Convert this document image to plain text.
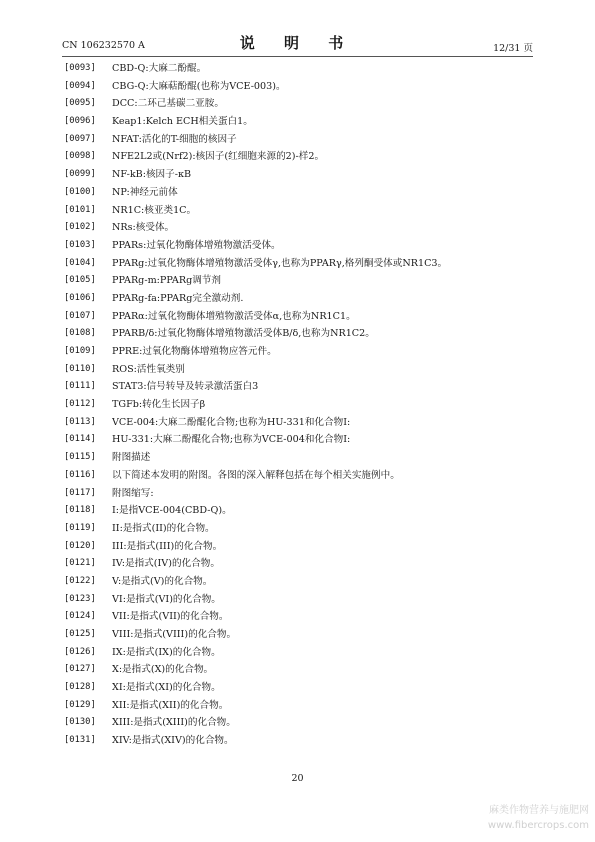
CN 106232570 A	说 明 书	12/31 页
[0093]	CBD-Q:大麻二酚醌。
[0094]	CBG-Q:大麻萜酚醌(也称为VCE-003)。
[0095]	DCC:二环己基碳二亚胺。
[0096]	Keap1:Kelch ECH相关蛋白1。
[0097]	NFAT:活化的T-细胞的核因子
[0098]	NFE2L2或(Nrf2):核因子(红细胞来源的2)-样2。
[0099]	NF-kB:核因子-κB
[0100]	NP:神经元前体
[0101]	NR1C:核亚类1C。
[0102]	NRs:核受体。
[0103]	PPARs:过氧化物酶体增殖物激活受体。
[0104]	PPARg:过氧化物酶体增殖物激活受体γ,也称为PPARγ,格列酮受体或NR1C3。
[0105]	PPARg-m:PPARg调节剂
[0106]	PPARg-fa:PPARg完全激动剂.
[0107]	PPARα:过氧化物酶体增殖物激活受体α,也称为NR1C1。
[0108]	PPARB/δ:过氧化物酶体增殖物激活受体B/δ,也称为NR1C2。
[0109]	PPRE:过氧化物酶体增殖物应答元件。
[0110]	ROS:活性氧类别
[0111]	STAT3:信号转导及转录激活蛋白3
[0112]	TGFb:转化生长因子β
[0113]	VCE-004:大麻二酚醌化合物;也称为HU-331和化合物I:
[0114]	HU-331:大麻二酚醌化合物;也称为VCE-004和化合物I:
[0115]	附图描述
[0116]	以下简述本发明的附图。各图的深入解释包括在每个相关实施例中。
[0117]	附图缩写:
[0118]	I:是指VCE-004(CBD-Q)。
[0119]	II:是指式(II)的化合物。
[0120]	III:是指式(III)的化合物。
[0121]	IV:是指式(IV)的化合物。
[0122]	V:是指式(V)的化合物。
[0123]	VI:是指式(VI)的化合物。
[0124]	VII:是指式(VII)的化合物。
[0125]	VIII:是指式(VIII)的化合物。
[0126]	IX:是指式(IX)的化合物。
[0127]	X:是指式(X)的化合物。
[0128]	XI:是指式(XI)的化合物。
[0129]	XII:是指式(XII)的化合物。
[0130]	XIII:是指式(XIII)的化合物。
[0131]	XIV:是指式(XIV)的化合物。
20
麻类作物营养与施肥网
www.fibercrops.com
